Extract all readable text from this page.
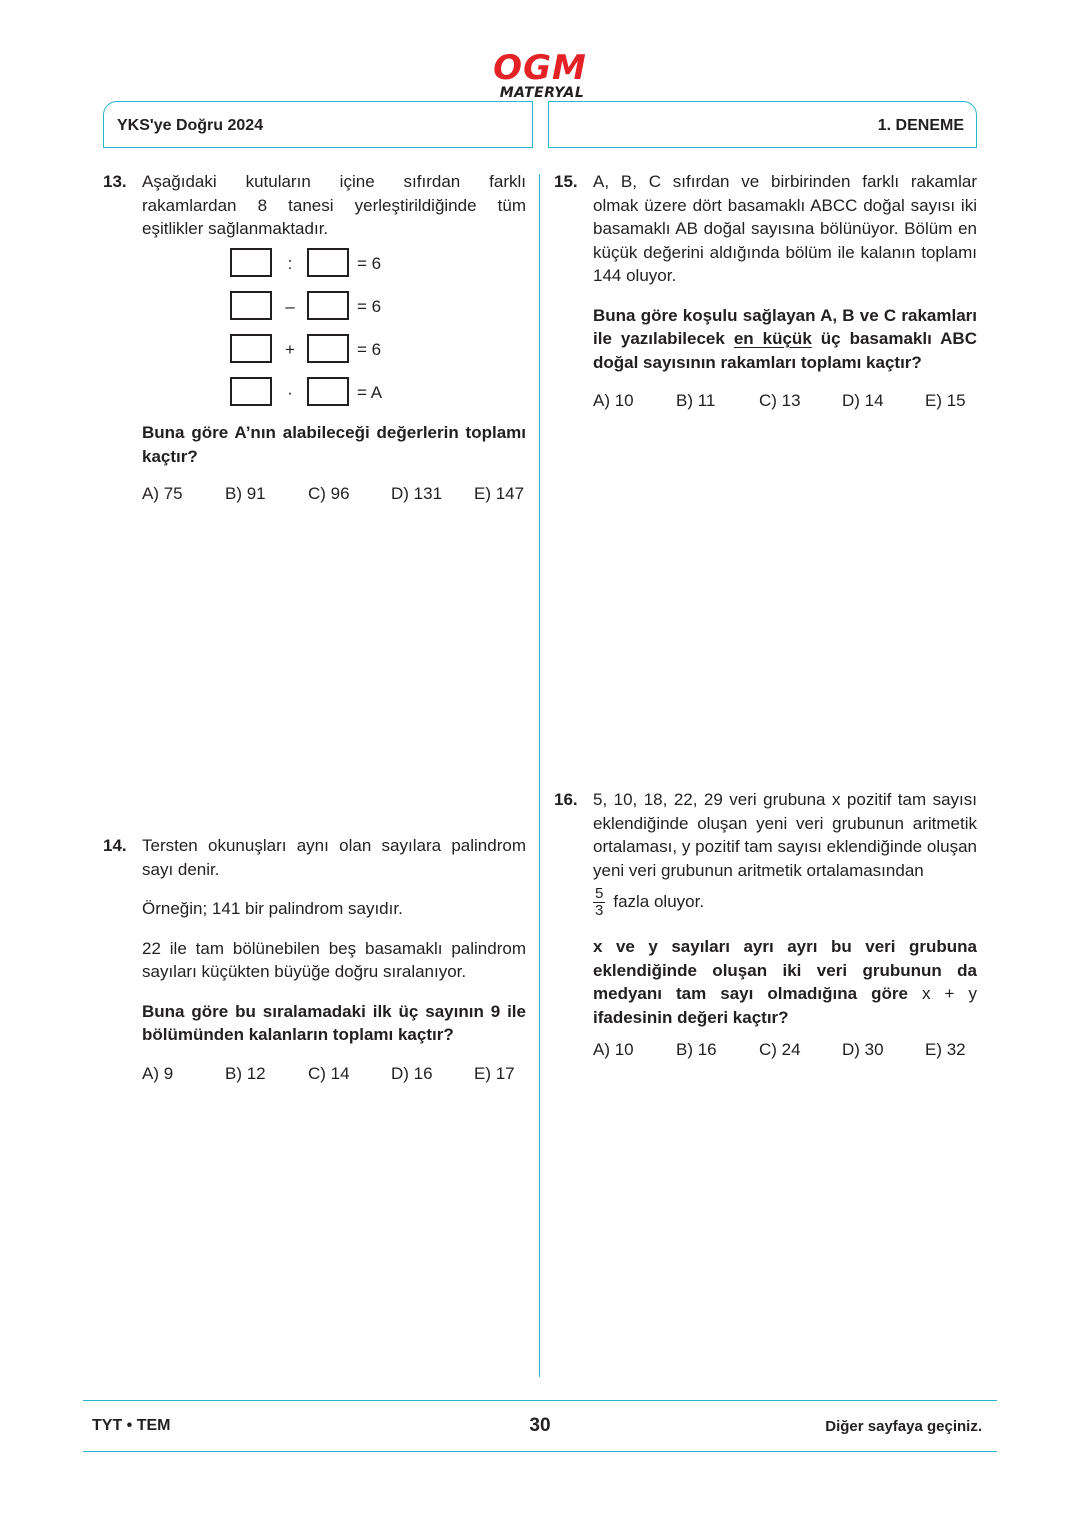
OGM
MATERYAL
YKS'ye Doğru 2024	1. DENEME
13. Aşağıdaki kutuların içine sıfırdan farklı rakamlardan 8 tanesi yerleştirildiğinde tüm eşitlikler sağlanmaktadır.
:	= 6
–	= 6
+	= 6
·	= A
Buna göre A’nın alabileceği değerlerin toplamı kaçtır?
A) 75	B) 91	C) 96	D) 131	E) 147
14. Tersten okunuşları aynı olan sayılara palindrom sayı denir.

Örneğin; 141 bir palindrom sayıdır.

22 ile tam bölünebilen beş basamaklı palindrom sayıları küçükten büyüğe doğru sıralanıyor.

Buna göre bu sıralamadaki ilk üç sayının 9 ile bölümünden kalanların toplamı kaçtır?

A) 9	B) 12	C) 14	D) 16	E) 17
15. A, B, C sıfırdan ve birbirinden farklı rakamlar olmak üzere dört basamaklı ABCC doğal sayısı iki basamaklı AB doğal sayısına bölünüyor. Bölüm en küçük değerini aldığında bölüm ile kalanın toplamı 144 oluyor.

Buna göre koşulu sağlayan A, B ve C rakamları ile yazılabilecek en küçük üç basamaklı ABC doğal sayısının rakamları toplamı kaçtır?

A) 10	B) 11	C) 13	D) 14	E) 15
16. 5, 10, 18, 22, 29 veri grubuna x pozitif tam sayısı eklendiğinde oluşan yeni veri grubunun aritmetik ortalaması, y pozitif tam sayısı eklendiğinde oluşan yeni veri grubunun aritmetik ortalamasından

$\frac{5}{3}$ fazla oluyor.

x ve y sayıları ayrı ayrı bu veri grubuna eklendiğinde oluşan iki veri grubunun da medyanı tam sayı olmadığına göre x + y ifadesinin değeri kaçtır?

A) 10	B) 16	C) 24	D) 30	E) 32
TYT • TEM	30	Diğer sayfaya geçiniz.
